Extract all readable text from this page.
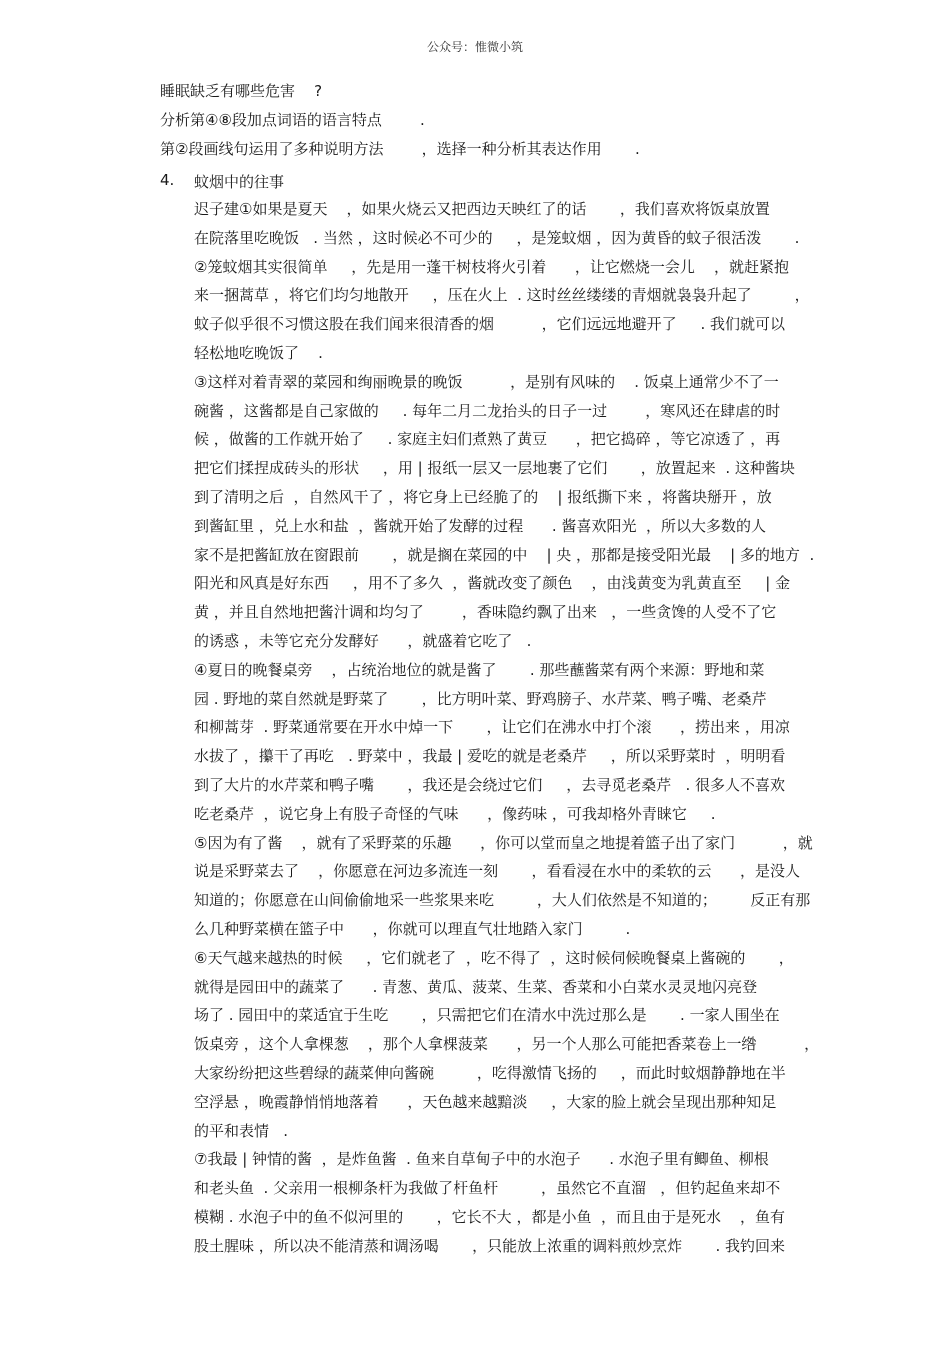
公众号：惟微小筑
睡眠缺乏有哪些危害    ?
分析第④⑧段加点词语的语言特点        .
第②段画线句运用了多种说明方法        ，选择一种分析其表达作用       .
4. 蚊烟中的往事
迟子建①如果是夏天    ，如果火烧云又把西边天映红了的话       ，我们喜欢将饭桌放置
在院落里吃晚饭   . 当然 ，这时候必不可少的     ，是笼蚊烟 ，因为黄昏的蚊子很活泼       .
②笼蚊烟其实很简单     ，先是用一蓬干树枝将火引着      ，让它燃烧一会儿    ，就赶紧抱
来一捆蒿草 ，将它们均匀地散开     ，压在火上  . 这时丝丝缕缕的青烟就袅袅升起了         ，
蚊子似乎很不习惯这股在我们闻来很清香的烟          ，它们远远地避开了     . 我们就可以
轻松地吃晚饭了    .
③这样对着青翠的菜园和绚丽晚景的晚饭          ，是别有风味的    . 饭桌上通常少不了一
碗酱 ，这酱都是自己家做的     . 每年二月二龙抬头的日子一过        ，寒风还在肆虐的时
候 ，做酱的工作就开始了     . 家庭主妇们煮熟了黄豆      ，把它捣碎 ，等它凉透了 ，再
把它们揉捏成砖头的形状     ，用 | 报纸一层又一层地裹了它们       ，放置起来  . 这种酱块
到了清明之后  ，自然风干了 ，将它身上已经脆了的    | 报纸撕下来 ，将酱块掰开 ，放
到酱缸里 ，兑上水和盐  ，酱就开始了发酵的过程      . 酱喜欢阳光  ，所以大多数的人
家不是把酱缸放在窗跟前       ，就是搁在菜园的中    | 央 ，那都是接受阳光最    | 多的地方  .
阳光和风真是好东西     ，用不了多久  ，酱就改变了颜色    ，由浅黄变为乳黄直至     | 金
黄 ，并且自然地把酱汁调和均匀了        ，香味隐约飘了出来   ，一些贪馋的人受不了它
的诱惑 ，未等它充分发酵好      ，就盛着它吃了   .
④夏日的晚餐桌旁    ，占统治地位的就是酱了       . 那些蘸酱菜有两个来源：野地和菜
园 . 野地的菜自然就是野菜了       ，比方明叶菜、野鸡膀子、水芹菜、鸭子嘴、老桑芹
和柳蒿芽  . 野菜通常要在开水中焯一下       ，让它们在沸水中打个滚      ，捞出来 ，用凉
水拔了 ，攥干了再吃   . 野菜中 ，我最 | 爱吃的就是老桑芹     ，所以采野菜时  ，明明看
到了大片的水芹菜和鸭子嘴       ，我还是会绕过它们     ，去寻觅老桑芹   . 很多人不喜欢
吃老桑芹  ，说它身上有股子奇怪的气味      ，像药味 ，可我却格外青睐它     .
⑤因为有了酱    ，就有了采野菜的乐趣      ，你可以堂而皇之地提着篮子出了家门          ，就
说是采野菜去了    ，你愿意在河边多流连一刻       ，看看浸在水中的柔软的云      ，是没人
知道的；你愿意在山间偷偷地采一些浆果来吃         ，大人们依然是不知道的；       反正有那
么几种野菜横在篮子中      ，你就可以理直气壮地踏入家门         .
⑥天气越来越热的时候     ，它们就老了  ，吃不得了  ，这时候伺候晚餐桌上酱碗的       ，
就得是园田中的蔬菜了      . 青葱、黄瓜、菠菜、生菜、香菜和小白菜水灵灵地闪亮登
场了 . 园田中的菜适宜于生吃       ，只需把它们在清水中洗过那么是       . 一家人围坐在
饭桌旁 ，这个人拿棵葱    ，那个人拿棵菠菜      ，另一个人那么可能把香菜卷上一绺          ，
大家纷纷把这些碧绿的蔬菜伸向酱碗         ，吃得激情飞扬的     ，而此时蚊烟静静地在半
空浮悬 ，晚霞静悄悄地落着      ，天色越来越黯淡     ，大家的脸上就会呈现出那种知足
的平和表情   .
⑦我最 | 钟情的酱  ，是炸鱼酱  . 鱼来自草甸子中的水泡子      . 水泡子里有鲫鱼、柳根
和老头鱼  . 父亲用一根柳条杆为我做了杆鱼杆         ，虽然它不直溜   ，但钓起鱼来却不
模糊 . 水泡子中的鱼不似河里的       ，它长不大 ，都是小鱼  ，而且由于是死水    ，鱼有
股土腥味 ，所以决不能清蒸和调汤喝       ，只能放上浓重的调料煎炒烹炸       . 我钓回来
